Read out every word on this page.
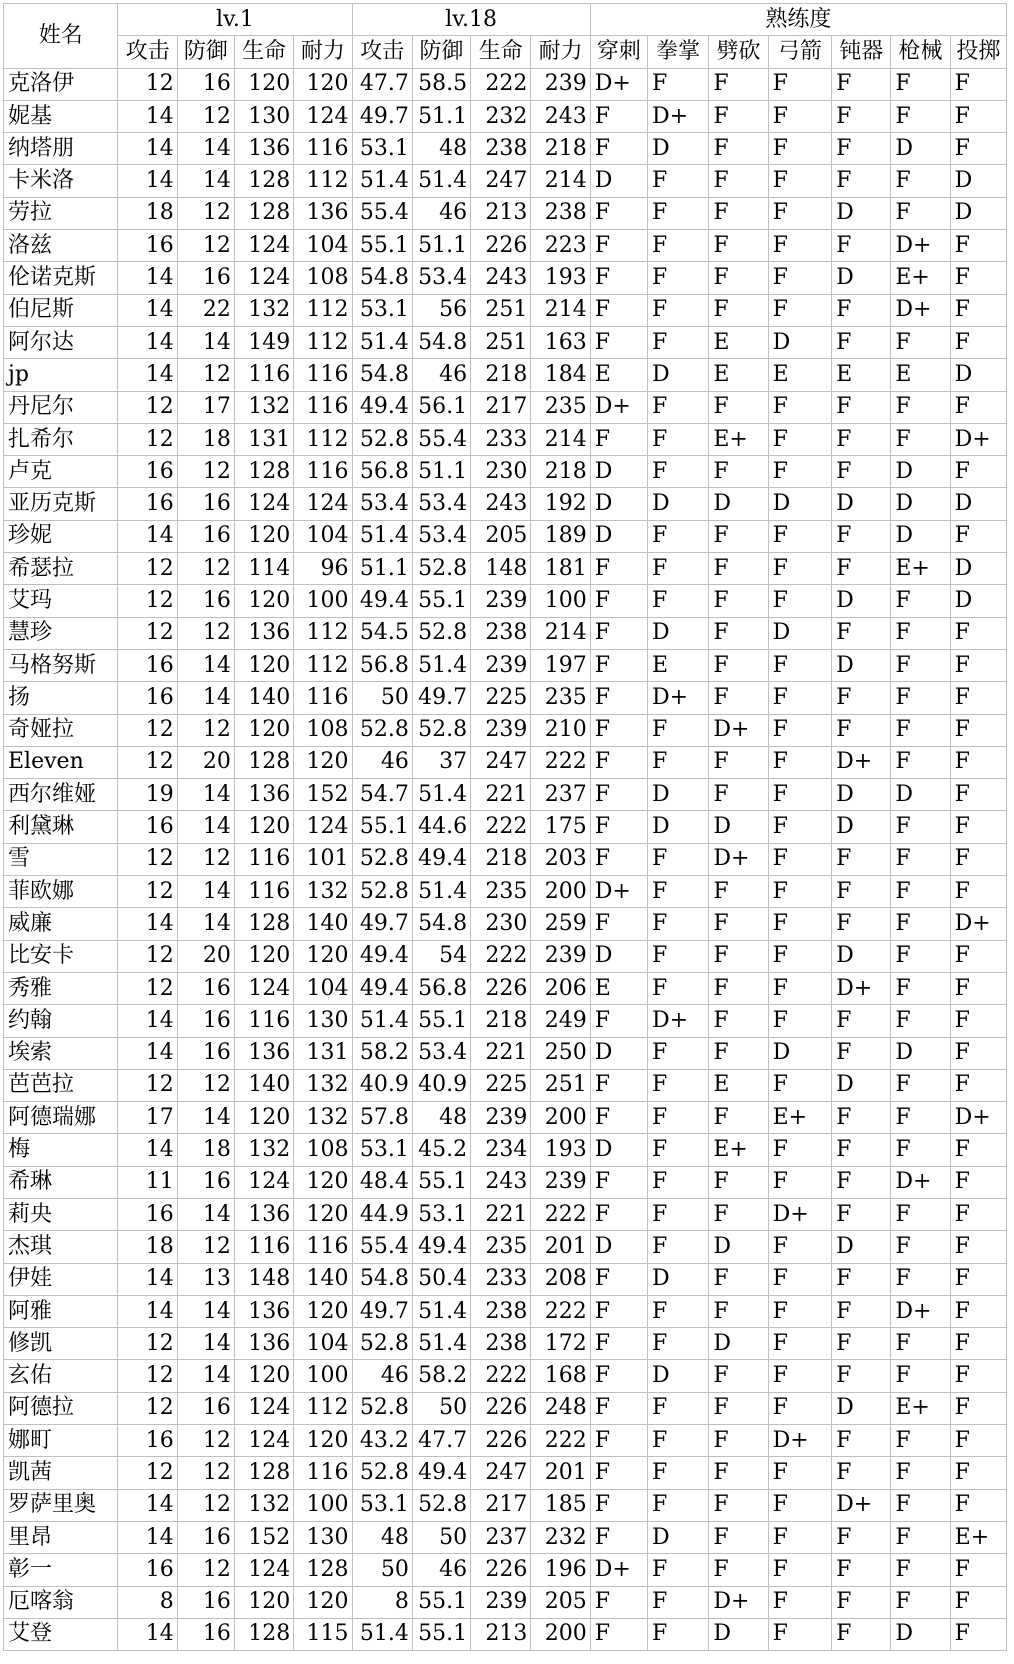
姓名	lv.1				lv.18				熟练度						
	攻击	防御	生命	耐力	攻击	防御	生命	耐力	穿刺	拳掌	劈砍	弓箭	钝器	枪械	投掷
克洛伊	12	16	120	120	47.7	58.5	222	239	D+	F	F	F	F	F	F
妮基	14	12	130	124	49.7	51.1	232	243	F	D+	F	F	F	F	F
纳塔朋	14	14	136	116	53.1	48	238	218	F	D	F	F	F	D	F
卡米洛	14	14	128	112	51.4	51.4	247	214	D	F	F	F	F	F	D
劳拉	18	12	128	136	55.4	46	213	238	F	F	F	F	D	F	D
洛兹	16	12	124	104	55.1	51.1	226	223	F	F	F	F	F	D+	F
伦诺克斯	14	16	124	108	54.8	53.4	243	193	F	F	F	F	D	E+	F
伯尼斯	14	22	132	112	53.1	56	251	214	F	F	F	F	F	D+	F
阿尔达	14	14	149	112	51.4	54.8	251	163	F	F	E	D	F	F	F
jp	14	12	116	116	54.8	46	218	184	E	D	E	E	E	E	D
丹尼尔	12	17	132	116	49.4	56.1	217	235	D+	F	F	F	F	F	F
扎希尔	12	18	131	112	52.8	55.4	233	214	F	F	E+	F	F	F	D+
卢克	16	12	128	116	56.8	51.1	230	218	D	F	F	F	F	D	F
亚历克斯	16	16	124	124	53.4	53.4	243	192	D	D	D	D	D	D	D
珍妮	14	16	120	104	51.4	53.4	205	189	D	F	F	F	F	D	F
希瑟拉	12	12	114	96	51.1	52.8	148	181	F	F	F	F	F	E+	D
艾玛	12	16	120	100	49.4	55.1	239	100	F	F	F	F	D	F	D
慧珍	12	12	136	112	54.5	52.8	238	214	F	D	F	D	F	F	F
马格努斯	16	14	120	112	56.8	51.4	239	197	F	E	F	F	D	F	F
扬	16	14	140	116	50	49.7	225	235	F	D+	F	F	F	F	F
奇娅拉	12	12	120	108	52.8	52.8	239	210	F	F	D+	F	F	F	F
Eleven	12	20	128	120	46	37	247	222	F	F	F	F	D+	F	F
西尔维娅	19	14	136	152	54.7	51.4	221	237	F	D	F	F	D	D	F
利黛琳	16	14	120	124	55.1	44.6	222	175	F	D	D	F	D	F	F
雪	12	12	116	101	52.8	49.4	218	203	F	F	D+	F	F	F	F
菲欧娜	12	14	116	132	52.8	51.4	235	200	D+	F	F	F	F	F	F
威廉	14	14	128	140	49.7	54.8	230	259	F	F	F	F	F	F	D+
比安卡	12	20	120	120	49.4	54	222	239	D	F	F	F	D	F	F
秀雅	12	16	124	104	49.4	56.8	226	206	E	F	F	F	D+	F	F
约翰	14	16	116	130	51.4	55.1	218	249	F	D+	F	F	F	F	F
埃索	14	16	136	131	58.2	53.4	221	250	D	F	F	D	F	D	F
芭芭拉	12	12	140	132	40.9	40.9	225	251	F	F	E	F	D	F	F
阿德瑞娜	17	14	120	132	57.8	48	239	200	F	F	F	E+	F	F	D+
梅	14	18	132	108	53.1	45.2	234	193	D	F	E+	F	F	F	F
希琳	11	16	124	120	48.4	55.1	243	239	F	F	F	F	F	D+	F
莉央	16	14	136	120	44.9	53.1	221	222	F	F	F	D+	F	F	F
杰琪	18	12	116	116	55.4	49.4	235	201	D	F	D	F	D	F	F
伊娃	14	13	148	140	54.8	50.4	233	208	F	D	F	F	F	F	F
阿雅	14	14	136	120	49.7	51.4	238	222	F	F	F	F	F	D+	F
修凯	12	14	136	104	52.8	51.4	238	172	F	F	D	F	F	F	F
玄佑	12	14	120	100	46	58.2	222	168	F	D	F	F	F	F	F
阿德拉	12	16	124	112	52.8	50	226	248	F	F	F	F	D	E+	F
娜町	16	12	124	120	43.2	47.7	226	222	F	F	F	D+	F	F	F
凯茜	12	12	128	116	52.8	49.4	247	201	F	F	F	F	F	F	F
罗萨里奥	14	12	132	100	53.1	52.8	217	185	F	F	F	F	D+	F	F
里昂	14	16	152	130	48	50	237	232	F	D	F	F	F	F	E+
彰一	16	12	124	128	50	46	226	196	D+	F	F	F	F	F	F
厄喀翁	8	16	120	120	8	55.1	239	205	F	F	D+	F	F	F	F
艾登	14	16	128	115	51.4	55.1	213	200	F	F	D	F	F	D	F
